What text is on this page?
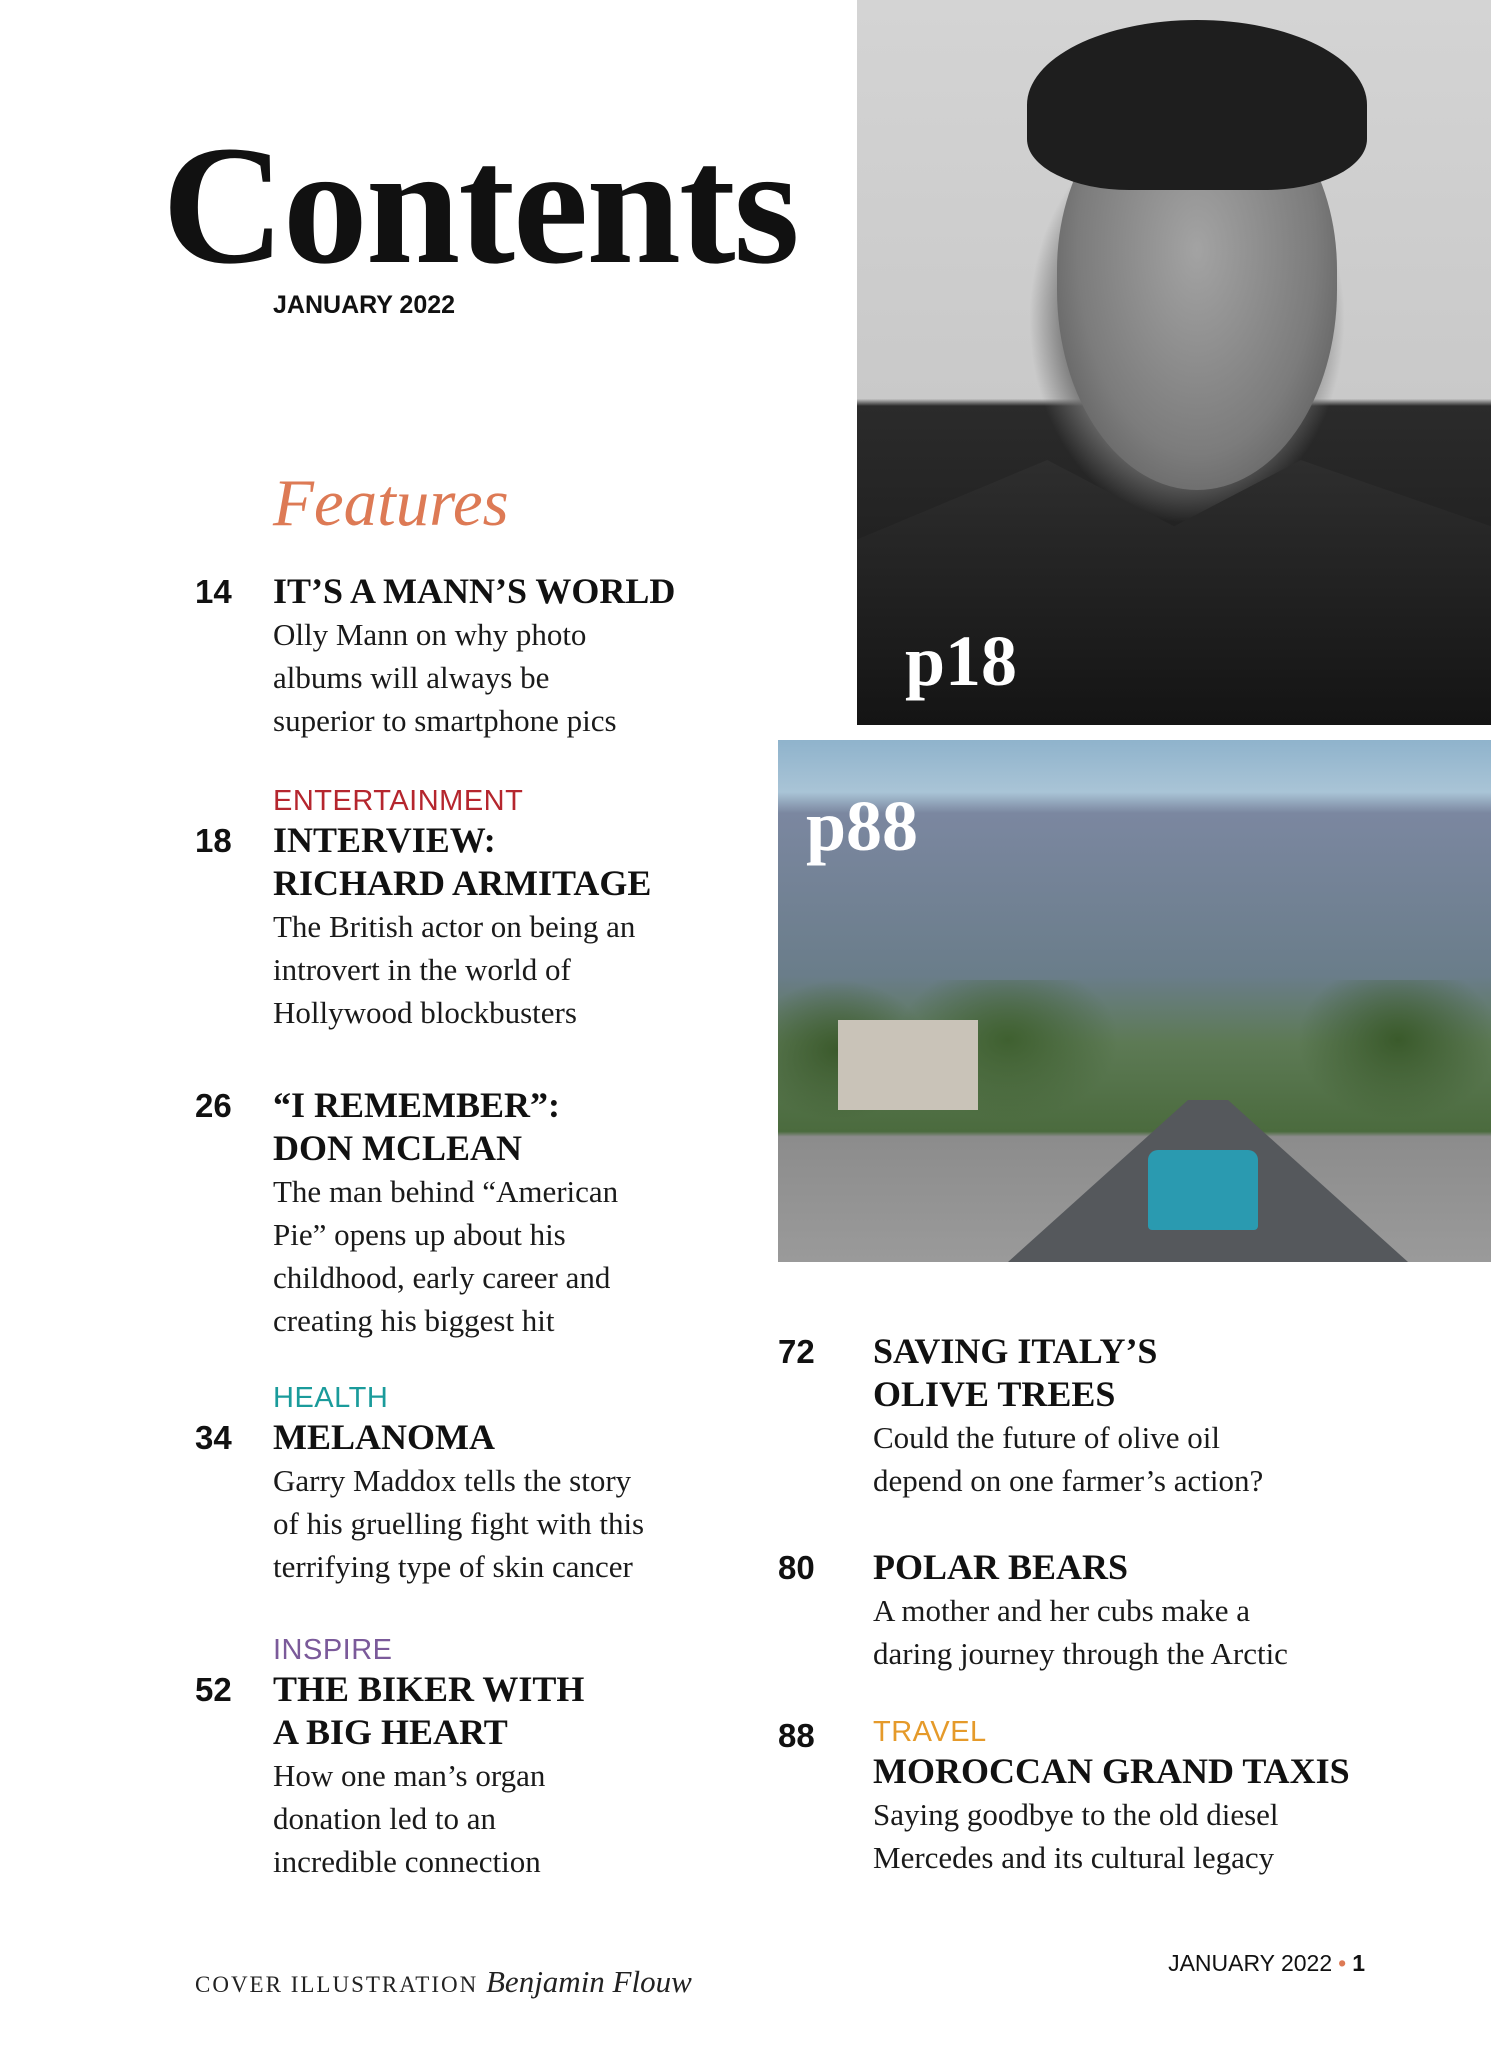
Contents
JANUARY 2022
Features
p18
p88
14 IT’S A MANN’S WORLD
Olly Mann on why photo
albums will always be
superior to smartphone pics
18
ENTERTAINMENT
INTERVIEW:
RICHARD ARMITAGE
The British actor on being an
introvert in the world of
Hollywood blockbusters
26 “I REMEMBER”:
DON MCLEAN
The man behind “American
Pie” opens up about his
childhood, early career and
creating his biggest hit
34
HEALTH
MELANOMA
Garry Maddox tells the story
of his gruelling fight with this
terrifying type of skin cancer
52
INSPIRE
THE BIKER WITH
A BIG HEART
How one man’s organ
donation led to an
incredible connection
72 SAVING ITALY’S
OLIVE TREES
Could the future of olive oil
depend on one farmer’s action?
80 POLAR BEARS
A mother and her cubs make a
daring journey through the Arctic
88 TRAVEL
MOROCCAN GRAND TAXIS
Saying goodbye to the old diesel
Mercedes and its cultural legacy
COVER ILLUSTRATION Benjamin Flouw
JANUARY 2022 • 1
